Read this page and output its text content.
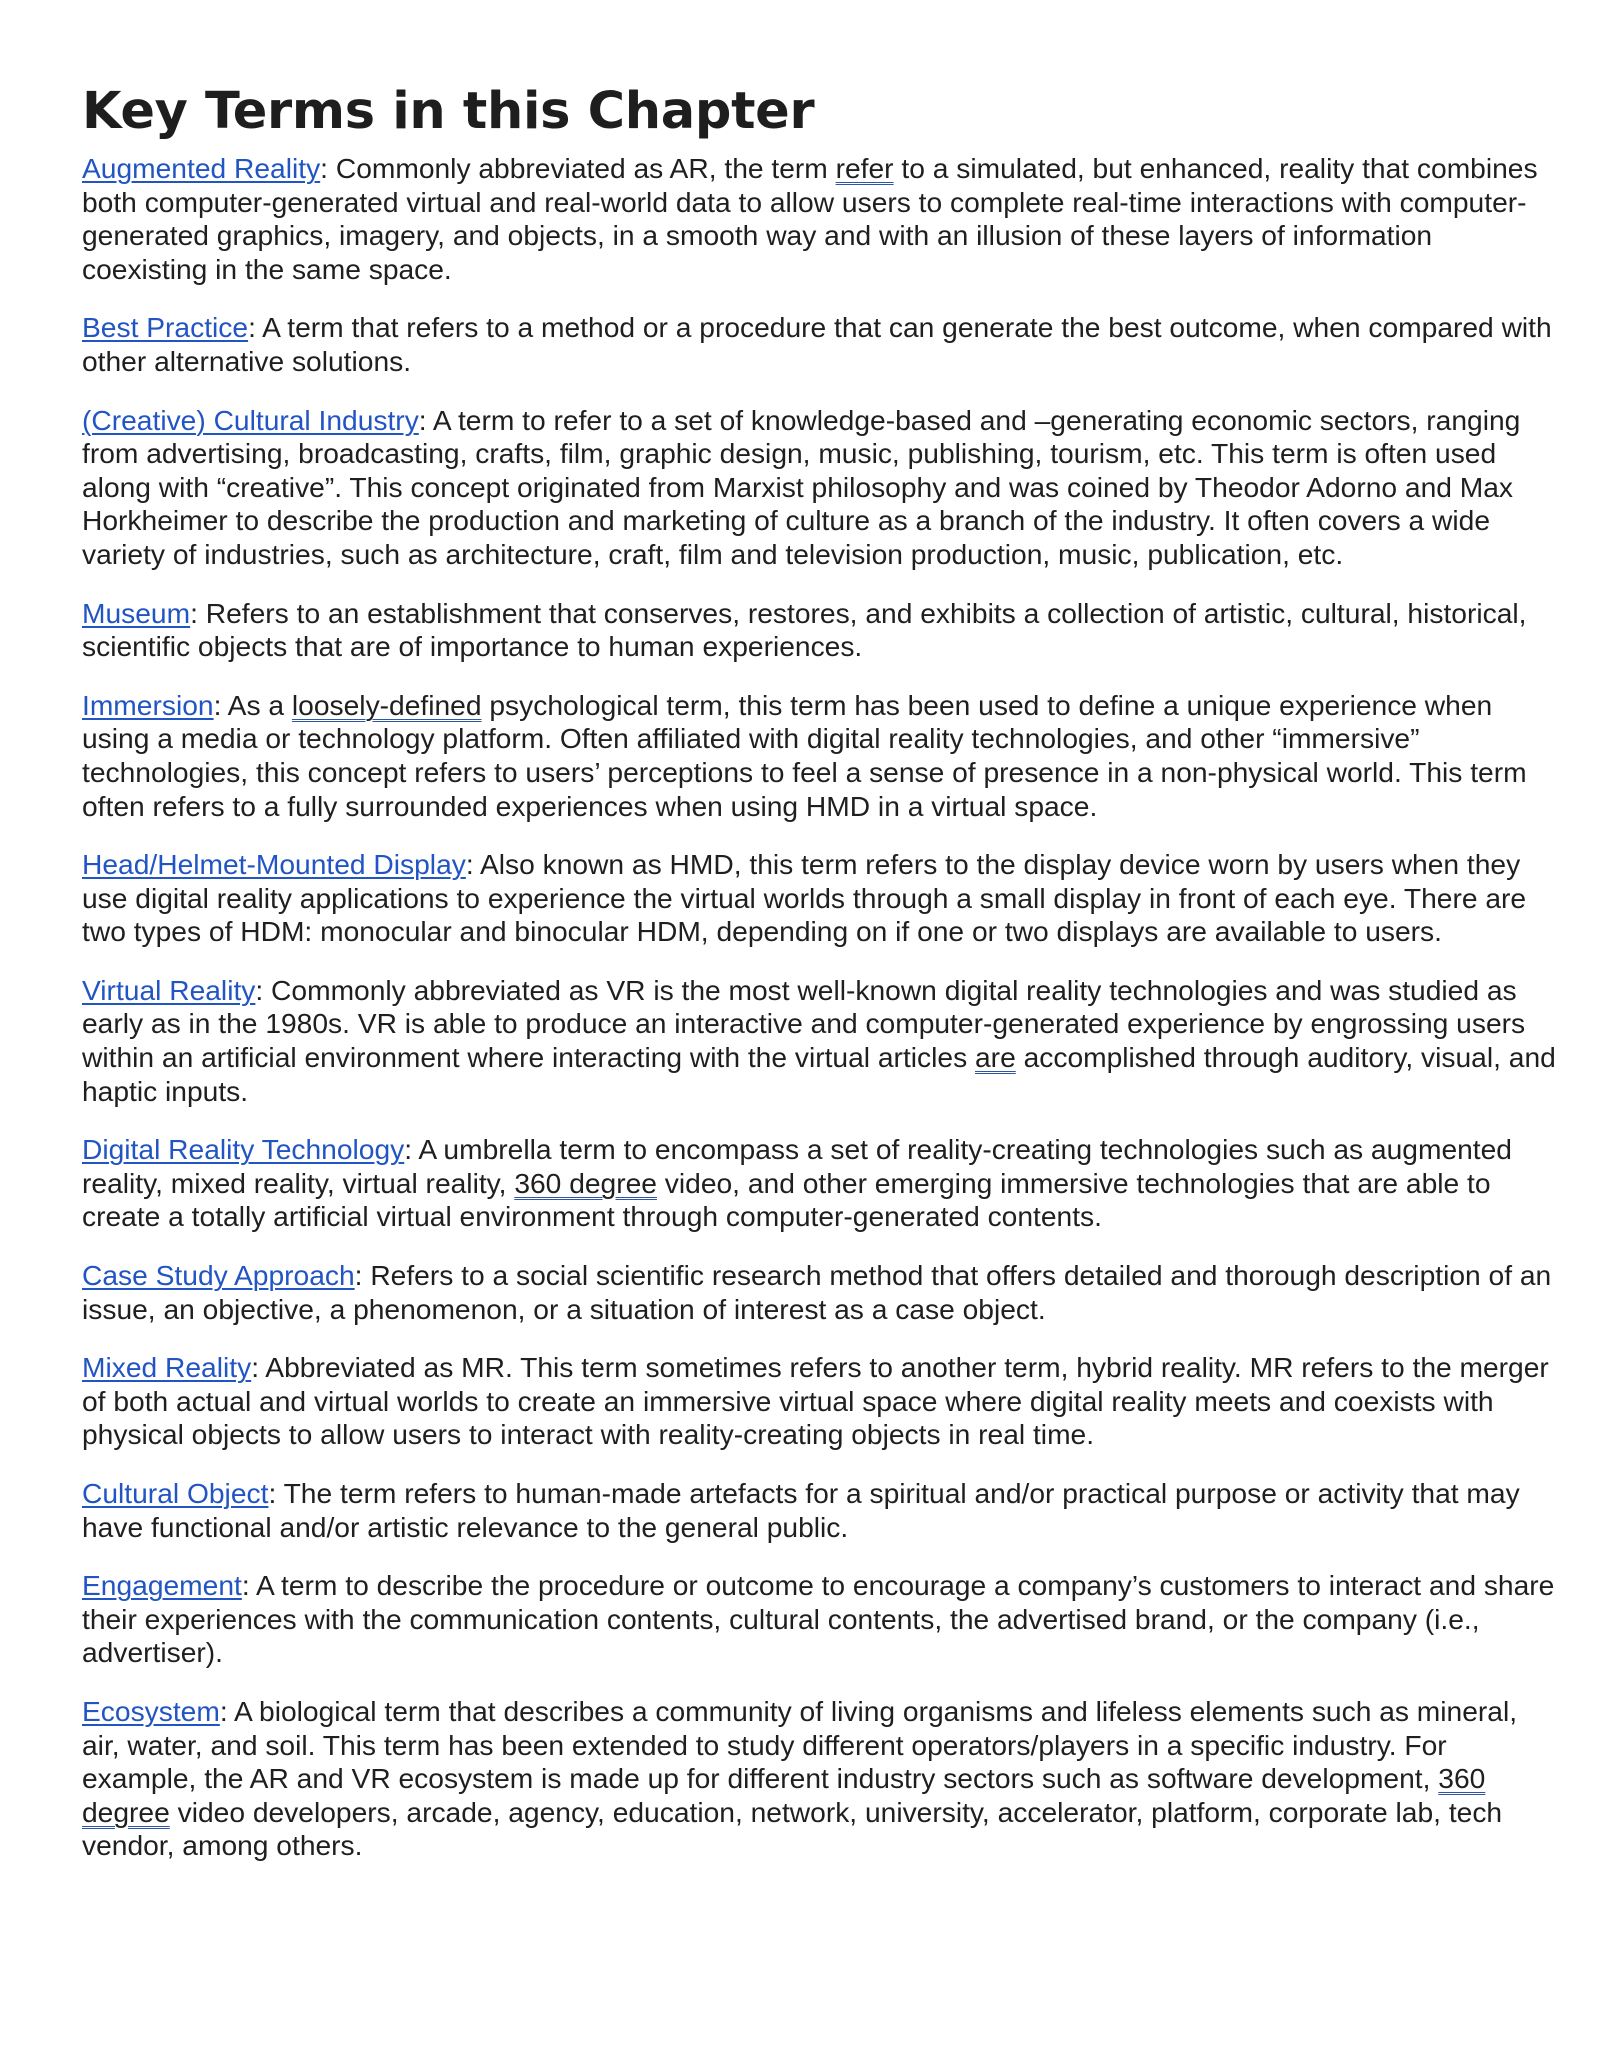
Key Terms in this Chapter

Augmented Reality: Commonly abbreviated as AR, the term refer to a simulated, but enhanced, reality that combines both computer-generated virtual and real-world data to allow users to complete real-time interactions with computer-generated graphics, imagery, and objects, in a smooth way and with an illusion of these layers of information coexisting in the same space.

Best Practice: A term that refers to a method or a procedure that can generate the best outcome, when compared with other alternative solutions.

(Creative) Cultural Industry: A term to refer to a set of knowledge-based and –generating economic sectors, ranging from advertising, broadcasting, crafts, film, graphic design, music, publishing, tourism, etc. This term is often used along with “creative”. This concept originated from Marxist philosophy and was coined by Theodor Adorno and Max Horkheimer to describe the production and marketing of culture as a branch of the industry. It often covers a wide variety of industries, such as architecture, craft, film and television production, music, publication, etc.

Museum: Refers to an establishment that conserves, restores, and exhibits a collection of artistic, cultural, historical, scientific objects that are of importance to human experiences.

Immersion: As a loosely-defined psychological term, this term has been used to define a unique experience when using a media or technology platform. Often affiliated with digital reality technologies, and other “immersive” technologies, this concept refers to users’ perceptions to feel a sense of presence in a non-physical world. This term often refers to a fully surrounded experiences when using HMD in a virtual space.

Head/Helmet-Mounted Display: Also known as HMD, this term refers to the display device worn by users when they use digital reality applications to experience the virtual worlds through a small display in front of each eye. There are two types of HDM: monocular and binocular HDM, depending on if one or two displays are available to users.

Virtual Reality: Commonly abbreviated as VR is the most well-known digital reality technologies and was studied as early as in the 1980s. VR is able to produce an interactive and computer-generated experience by engrossing users within an artificial environment where interacting with the virtual articles are accomplished through auditory, visual, and haptic inputs.

Digital Reality Technology: A umbrella term to encompass a set of reality-creating technologies such as augmented reality, mixed reality, virtual reality, 360 degree video, and other emerging immersive technologies that are able to create a totally artificial virtual environment through computer-generated contents.

Case Study Approach: Refers to a social scientific research method that offers detailed and thorough description of an issue, an objective, a phenomenon, or a situation of interest as a case object.

Mixed Reality: Abbreviated as MR. This term sometimes refers to another term, hybrid reality. MR refers to the merger of both actual and virtual worlds to create an immersive virtual space where digital reality meets and coexists with physical objects to allow users to interact with reality-creating objects in real time.

Cultural Object: The term refers to human-made artefacts for a spiritual and/or practical purpose or activity that may have functional and/or artistic relevance to the general public.

Engagement: A term to describe the procedure or outcome to encourage a company’s customers to interact and share their experiences with the communication contents, cultural contents, the advertised brand, or the company (i.e., advertiser).

Ecosystem: A biological term that describes a community of living organisms and lifeless elements such as mineral, air, water, and soil. This term has been extended to study different operators/players in a specific industry. For example, the AR and VR ecosystem is made up for different industry sectors such as software development, 360 degree video developers, arcade, agency, education, network, university, accelerator, platform, corporate lab, tech vendor, among others.
